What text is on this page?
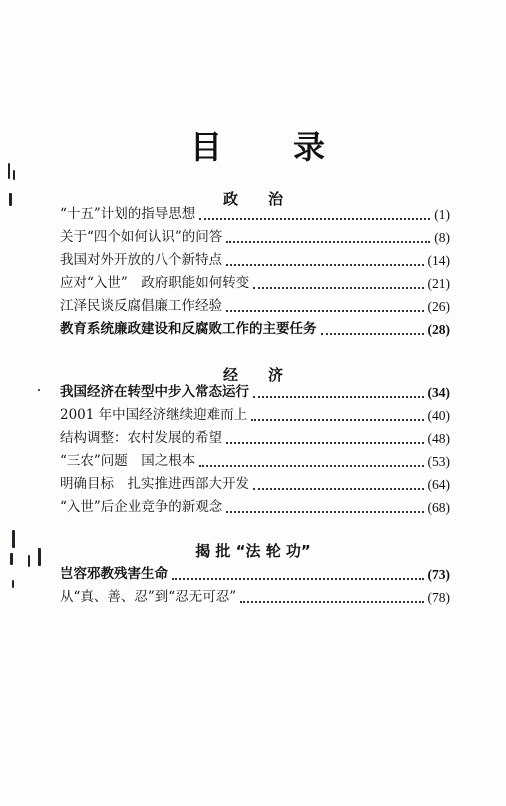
目 录
政　　治
“十五”计划的指导思想	(1)
关于“四个如何认识”的问答	(8)
我国对外开放的八个新特点	(14)
应对“入世”　政府职能如何转变	(21)
江泽民谈反腐倡廉工作经验	(26)
教育系统廉政建设和反腐败工作的主要任务	(28)
经　　济
我国经济在转型中步入常态运行	(34)
2001 年中国经济继续迎难而上	(40)
结构调整：农村发展的希望	(48)
“三农”问题　国之根本	(53)
明确目标　扎实推进西部大开发	(64)
“入世”后企业竞争的新观念	(68)
揭 批 “法 轮 功”
岂容邪教残害生命	(73)
从“真、善、忍”到“忍无可忍”	(78)
